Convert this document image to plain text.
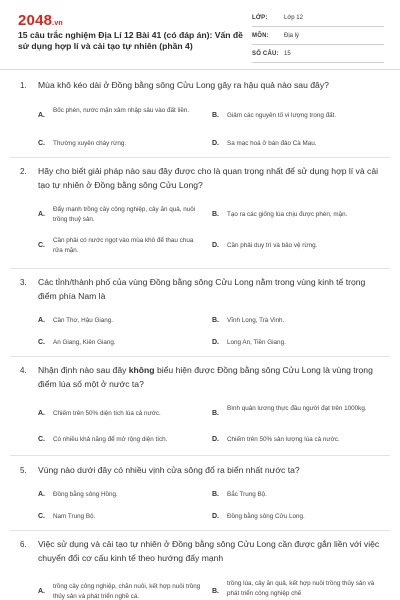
2048.vn
15 câu trắc nghiệm Địa Lí 12 Bài 41 (có đáp án): Vấn đề sử dụng hợp lí và cải tạo tự nhiên (phần 4)
LỚP:	Lớp 12
MÔN:	Địa lý
SỐ CÂU: 15
1. Mùa khô kéo dài ở Đồng bằng sông Cửu Long gây ra hậu quả nào sau đây?
A.
Bốc phèn, nước mặn xâm nhập sâu vào đất liền.
B. Giảm các nguyên tố vi lượng trong đất.
C. Thường xuyên cháy rừng.	D. Sa mạc hoá ở bán đảo Cà Mau.
2. Hãy cho biết giải pháp nào sau đây được cho là quan trọng nhất để sử dụng hợp lí và cải tạo tự nhiên ở Đồng bằng sông Cửu Long?
A.
Đẩy mạnh trồng cây công nghiệp, cây ăn quả, nuôi trồng thuỷ sản.
B. Tạo ra các giống lúa chịu được phèn, mặn.
C.
Cần phải có nước ngọt vào mùa khô để thau chua rửa mặn.
D. Cần phải duy trì và bảo vệ rừng.
3. Các tỉnh/thành phố của vùng Đồng bằng sông Cửu Long nằm trong vùng kinh tế trọng điểm phía Nam là
A. Cần Thơ, Hậu Giang.	B. Vĩnh Long, Trà Vinh.
C. An Giang, Kiên Giang.	D. Long An, Tiền Giang.
4. Nhận định nào sau đây không biểu hiện được Đồng bằng sông Cửu Long là vùng trọng điểm lúa số một ở nước ta?
A. Chiếm trên 50% diện tích lúa cả nước.	B.
Bình quân lương thực đầu người đạt trên 1000kg.
C. Có nhiều khả năng để mở rộng diện tích.	D. Chiếm trên 50% sản lượng lúa cả nước.
5. Vùng nào dưới đây có nhiều vịnh cửa sông đổ ra biển nhất nước ta?
A. Đồng bằng sông Hồng.	B. Bắc Trung Bộ.
C. Nam Trung Bộ.	D. Đồng bằng sông Cửu Long.
6. Việc sử dụng và cải tạo tự nhiên ở Đồng bằng sông Cửu Long cần được gắn liền với việc chuyển đổi cơ cấu kinh tế theo hướng đẩy mạnh
A.
trồng cây công nghiệp, chăn nuôi, kết hợp nuôi trồng thủy sản và phát triển nghề cá.
B.
trồng lúa, cây ăn quả, kết hợp nuôi trồng thủy sản và phát triển công nghiệp chế
